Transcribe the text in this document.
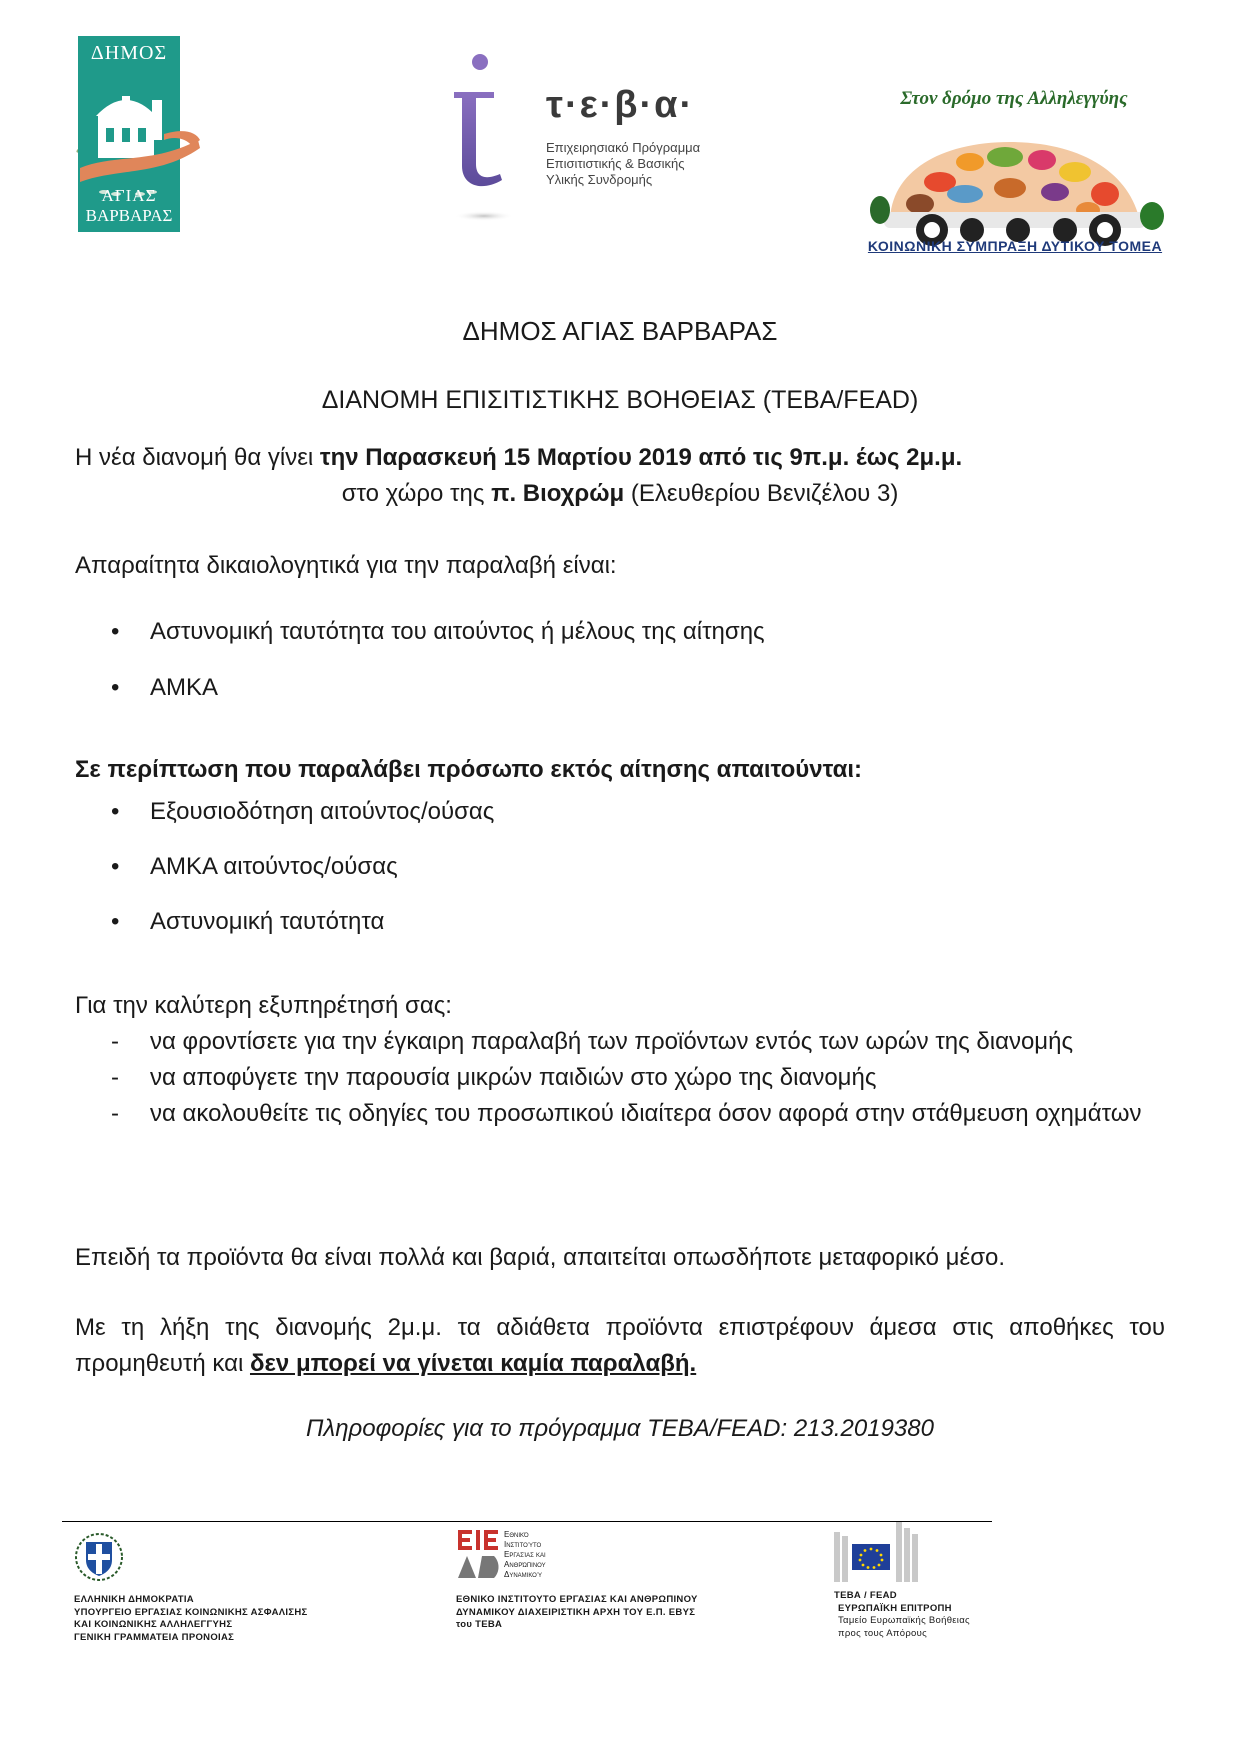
ΔΗΜΟΣ
ΑΓΙΑΣ
ΒΑΡΒΑΡΑΣ
τ·ε·β·α·
Επιχειρησιακό Πρόγραμμα
Επισιτιστικής & Βασικής
Υλικής Συνδρομής
Στον δρόμο της Αλληλεγγύης
ΚΟΙΝΩΝΙΚΗ ΣΥΜΠΡΑΞΗ ΔΥΤΙΚΟΥ ΤΟΜΕΑ
ΔΗΜΟΣ ΑΓΙΑΣ ΒΑΡΒΑΡΑΣ
ΔΙΑΝΟΜΗ ΕΠΙΣΙΤΙΣΤΙΚΗΣ ΒΟΗΘΕΙΑΣ (ΤΕΒΑ/FEAD)
Η νέα διανομή θα γίνει την Παρασκευή 15 Μαρτίου 2019 από τις 9π.μ. έως 2μ.μ.
στο χώρο της π. Βιοχρώμ (Ελευθερίου Βενιζέλου 3)
Απαραίτητα δικαιολογητικά για την παραλαβή είναι:
• Αστυνομική ταυτότητα του αιτούντος ή μέλους της αίτησης
• ΑΜΚΑ
Σε περίπτωση που παραλάβει πρόσωπο εκτός αίτησης απαιτούνται:
• Εξουσιοδότηση αιτούντος/ούσας
• ΑΜΚΑ αιτούντος/ούσας
• Αστυνομική ταυτότητα
Για την καλύτερη εξυπηρέτησή σας:
- να φροντίσετε για την έγκαιρη παραλαβή των προϊόντων εντός των ωρών της διανομής
- να αποφύγετε την παρουσία μικρών παιδιών στο χώρο της διανομής
- να ακολουθείτε τις οδηγίες του προσωπικού ιδιαίτερα όσον αφορά στην στάθμευση οχημάτων
Επειδή τα προϊόντα θα είναι πολλά και βαριά, απαιτείται οπωσδήποτε μεταφορικό μέσο.
Με τη λήξη της διανομής 2μ.μ. τα αδιάθετα προϊόντα επιστρέφουν άμεσα στις αποθήκες του προμηθευτή και δεν μπορεί να γίνεται καμία παραλαβή.
Πληροφορίες για το πρόγραμμα ΤΕΒΑ/FEAD: 213.2019380
ΕΛΛΗΝΙΚΗ ΔΗΜΟΚΡΑΤΙΑ
ΥΠΟΥΡΓΕΙΟ ΕΡΓΑΣΙΑΣ ΚΟΙΝΩΝΙΚΗΣ ΑΣΦΑΛΙΣΗΣ
ΚΑΙ ΚΟΙΝΩΝΙΚΗΣ ΑΛΛΗΛΕΓΓΥΗΣ
ΓΕΝΙΚΗ ΓΡΑΜΜΑΤΕΙΑ ΠΡΟΝΟΙΑΣ
Εθνικό
Ινστιτούτο
Εργασίας και
Ανθρώπινου
Δυναμικού
ΕΘΝΙΚΟ ΙΝΣΤΙΤΟΥΤΟ ΕΡΓΑΣΙΑΣ ΚΑΙ ΑΝΘΡΩΠΙΝΟΥ
ΔΥΝΑΜΙΚΟΥ ΔΙΑΧΕΙΡΙΣΤΙΚΗ ΑΡΧΗ ΤΟΥ Ε.Π. ΕΒΥΣ
του ΤΕΒΑ
ΤΕΒΑ / FEAD
ΕΥΡΩΠΑΪΚΗ ΕΠΙΤΡΟΠΗ
Ταμείο Ευρωπαϊκής Βοήθειας
προς τους Απόρους
